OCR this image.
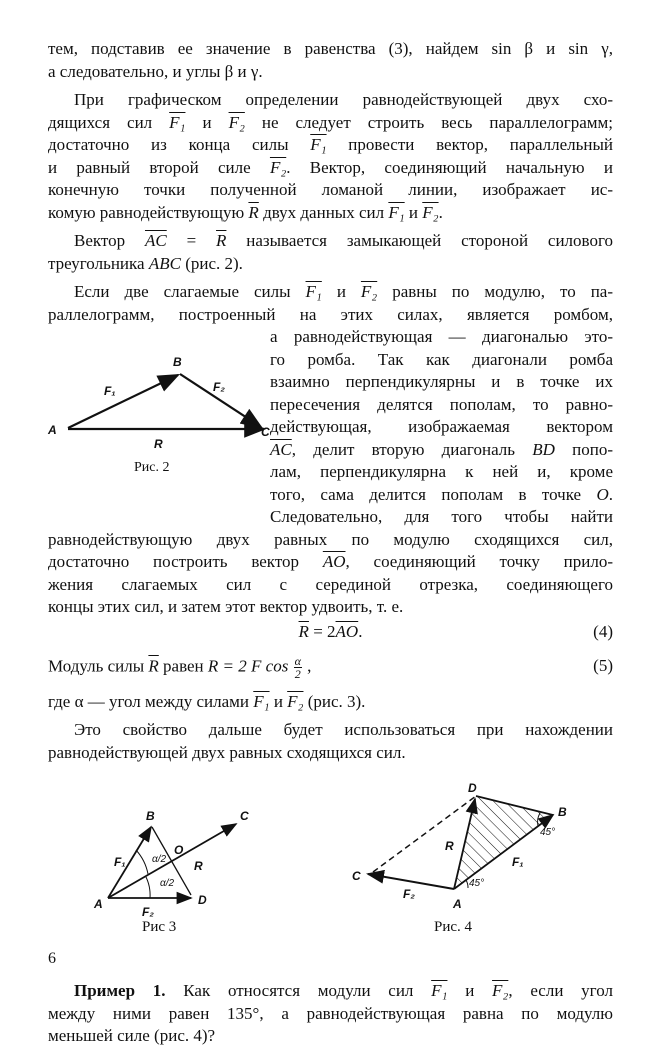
тем, подставив ее значение в равенства (3), найдем sin β и sin γ,
а следовательно, и углы β и γ.

При графическом определении равнодействующей двух схо-
дящихся сил F₁ и F₂ не следует строить весь параллелограмм;
достаточно из конца силы F₁ провести вектор, параллельный
и равный второй силе F₂. Вектор, соединяющий начальную и
конечную точки полученной ломаной линии, изображает ис-
комую равнодействующую $\overline{R}$ двух данных сил F₁ и F₂.

Вектор $\overline{AC} = \overline{R}$ называется замыкающей стороной силового
треугольника ABC (рис. 2).

Если две слагаемые силы F₁ и F₂ равны по модулю, то па-
раллелограмм, построенный на этих силах, является ромбом,

A
B
C
F₁	F₂
R
Рис. 2
а равнодействующая — диагональю это-
го ромба. Так как диагонали ромба
взаимно перпендикулярны и в точке их
пересечения делятся пополам, то равно-
действующая, изображаемая вектором
$\overline{AC}$, делит вторую диагональ BD попо-
лам, перпендикулярна к ней и, кроме
того, сама делится пополам в точке O.
Следовательно, для того чтобы найти

равнодействующую двух равных по модулю сходящихся сил,
достаточно построить вектор $\overline{AO}$, соединяющий точку прило-
жения слагаемых сил с серединой отрезка, соединяющего
концы этих сил, и затем этот вектор удвоить, т. е.

$\overline{R} = 2\overline{AO}$.	(4)
Модуль силы $\overline{R}$ равен R = 2 F $\cos \frac{\alpha}{2}$ ,	(5)

где α — угол между силами F₁ и F₂ (рис. 3).

Это свойство дальше будет использоваться при нахождении
равнодействующей двух равных сходящихся сил.

A
B	C
D
O
F₁
F₂
R
α/2
α/2
A
B
C
D
F₁
F₂
R
45°
45°
Рис 3	Рис. 4

Пример 1. Как относятся модули сил F₁ и F₂, если угол
между ними равен 135°, а равнодействующая равна по модулю
меньшей силе (рис. 4)?

6
